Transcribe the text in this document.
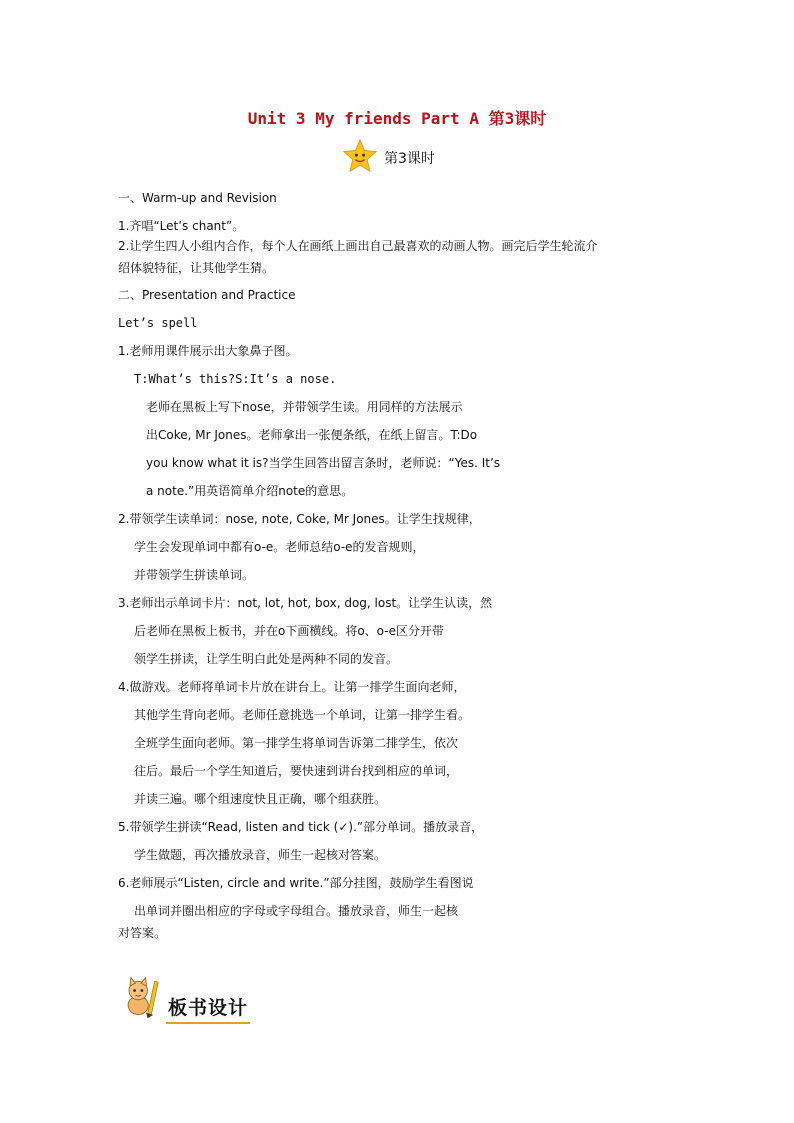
Unit 3 My friends Part A 第3课时
第3课时
一、Warm-up and Revision
1.齐唱“Let’s chant”。
2.让学生四人小组内合作，每个人在画纸上画出自己最喜欢的动画人物。画完后学生轮流介
绍体貌特征，让其他学生猜。
二、Presentation and Practice
Let’s spell
1.老师用课件展示出大象鼻子图。
T:What’s this?S:It’s a nose.
老师在黑板上写下nose，并带领学生读。用同样的方法展示
出Coke, Mr Jones。老师拿出一张便条纸，在纸上留言。T:Do
you know what it is?当学生回答出留言条时，老师说：“Yes. It’s
a note.”用英语简单介绍note的意思。
2.带领学生读单词：nose, note, Coke, Mr Jones。让学生找规律，
学生会发现单词中都有o-e。老师总结o-e的发音规则，
并带领学生拼读单词。
3.老师出示单词卡片：not, lot, hot, box, dog, lost。让学生认读，然
后老师在黑板上板书，并在o下画横线。将o、o-e区分开带
领学生拼读，让学生明白此处是两种不同的发音。
4.做游戏。老师将单词卡片放在讲台上。让第一排学生面向老师，
其他学生背向老师。老师任意挑选一个单词，让第一排学生看。
全班学生面向老师。第一排学生将单词告诉第二排学生，依次
往后。最后一个学生知道后，要快速到讲台找到相应的单词，
并读三遍。哪个组速度快且正确，哪个组获胜。
5.带领学生拼读“Read, listen and tick (✓).”部分单词。播放录音，
学生做题，再次播放录音，师生一起核对答案。
6.老师展示“Listen, circle and write.”部分挂图，鼓励学生看图说
出单词并圈出相应的字母或字母组合。播放录音，师生一起核
对答案。
板书设计
